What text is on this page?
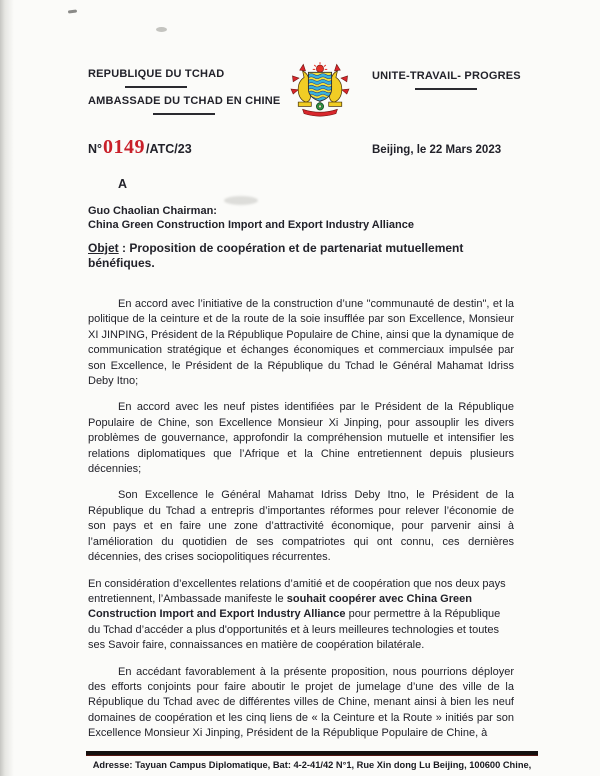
REPUBLIQUE DU TCHAD
AMBASSADE DU TCHAD EN CHINE
UNITE-TRAVAIL- PROGRES
N° 0149 /ATC/23	Beijing, le 22 Mars 2023
A
Guo Chaolian Chairman:
China Green Construction Import and Export Industry Alliance
Objet : Proposition de coopération et de partenariat mutuellement bénéfiques.

En accord avec l’initiative de la construction d’une "communauté de destin", et la politique de la ceinture et de la route de la soie insufflée par son Excellence, Monsieur XI JINPING, Président de la République Populaire de Chine, ainsi que la dynamique de communication stratégique et échanges économiques et commerciaux impulsée par son Excellence, le Président de la République du Tchad le Général Mahamat Idriss Deby Itno;

En accord avec les neuf pistes identifiées par le Président de la République Populaire de Chine, son Excellence Monsieur Xi Jinping, pour assouplir les divers problèmes de gouvernance, approfondir la compréhension mutuelle et intensifier les relations diplomatiques que l’Afrique et la Chine entretiennent depuis plusieurs décennies;

Son Excellence le Général Mahamat Idriss Deby Itno, le Président de la République du Tchad a entrepris d’importantes réformes pour relever l’économie de son pays et en faire une zone d’attractivité économique, pour parvenir ainsi à l’amélioration du quotidien de ses compatriotes qui ont connu, ces dernières décennies, des crises sociopolitiques récurrentes.

En considération d’excellentes relations d’amitié et de coopération que nos deux pays entretiennent, l’Ambassade manifeste le souhait coopérer avec China Green Construction Import and Export Industry Alliance pour permettre à la République du Tchad d’accéder a plus d'opportunités et à leurs meilleures technologies et toutes ses Savoir faire, connaissances en matière de coopération bilatérale.

En accédant favorablement à la présente proposition, nous pourrions déployer des efforts conjoints pour faire aboutir le projet de jumelage d’une des ville de la République du Tchad avec de différentes villes de Chine, menant ainsi à bien les neuf domaines de coopération et les cinq liens de « la Ceinture et la Route » initiés par son Excellence Monsieur Xi Jinping, Président de la République Populaire de Chine, à

Adresse: Tayuan Campus Diplomatique, Bat: 4-2-41/42 N°1, Rue Xin dong Lu Beijing, 100600 Chine,
